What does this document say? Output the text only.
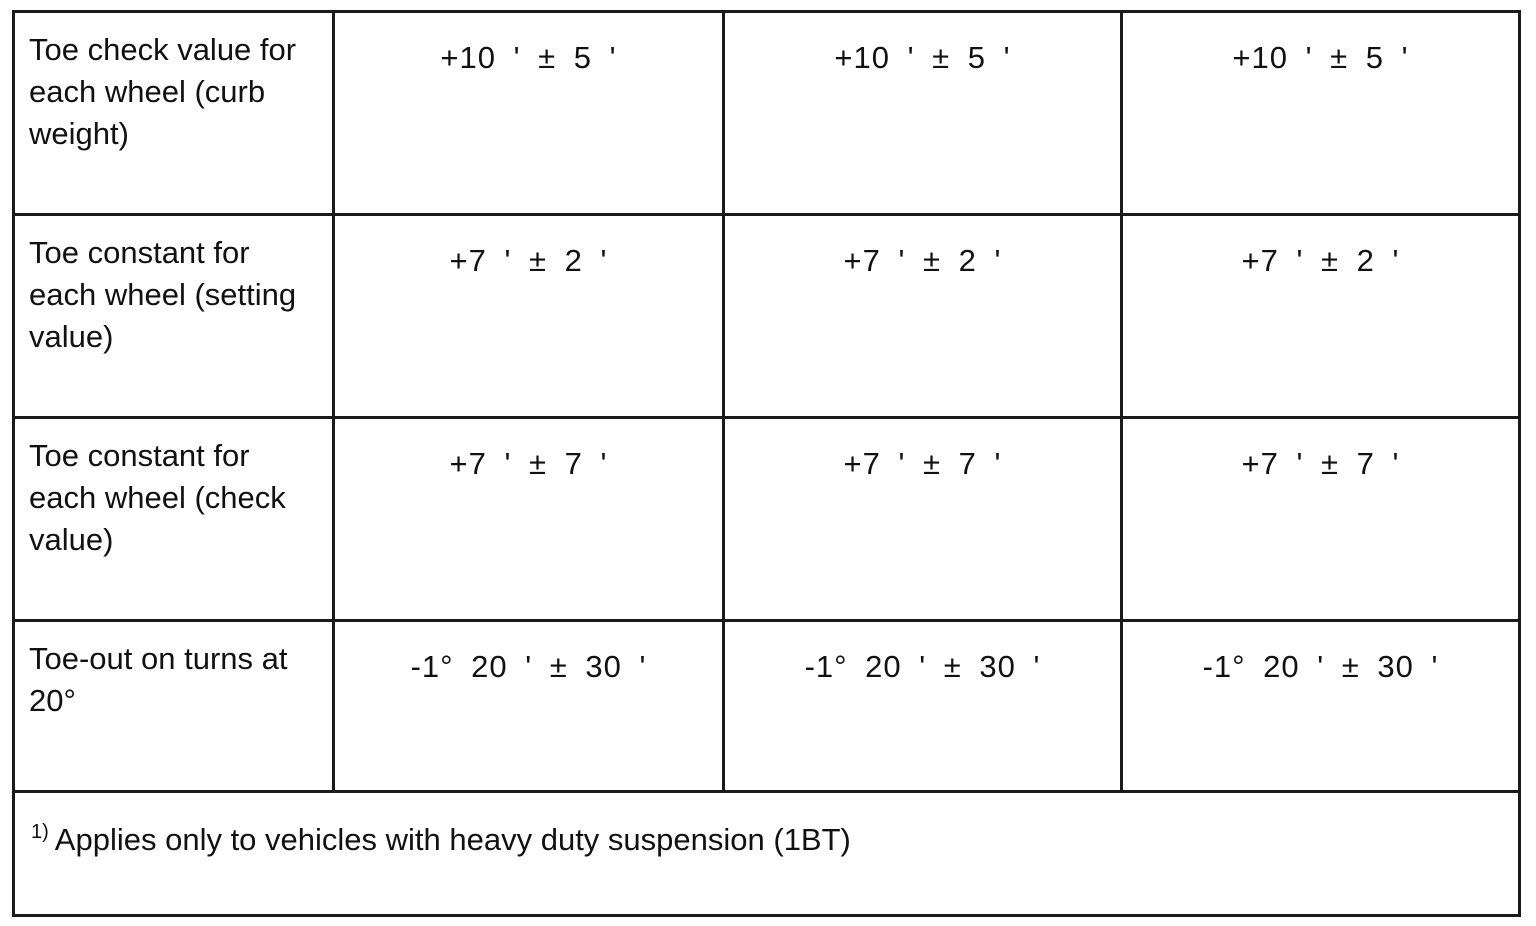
Toe check value for each wheel (curb weight)	+10 ' ± 5 '	+10 ' ± 5 '	+10 ' ± 5 '

Toe constant for each wheel (setting value)	+7 ' ± 2 '	+7 ' ± 2 '	+7 ' ± 2 '

Toe constant for each wheel (check value)	+7 ' ± 7 '	+7 ' ± 7 '	+7 ' ± 7 '

Toe-out on turns at 20°	-1° 20 ' ± 30 '	-1° 20 ' ± 30 '	-1° 20 ' ± 30 '

$^{1)}$ Applies only to vehicles with heavy duty suspension (1BT)			
